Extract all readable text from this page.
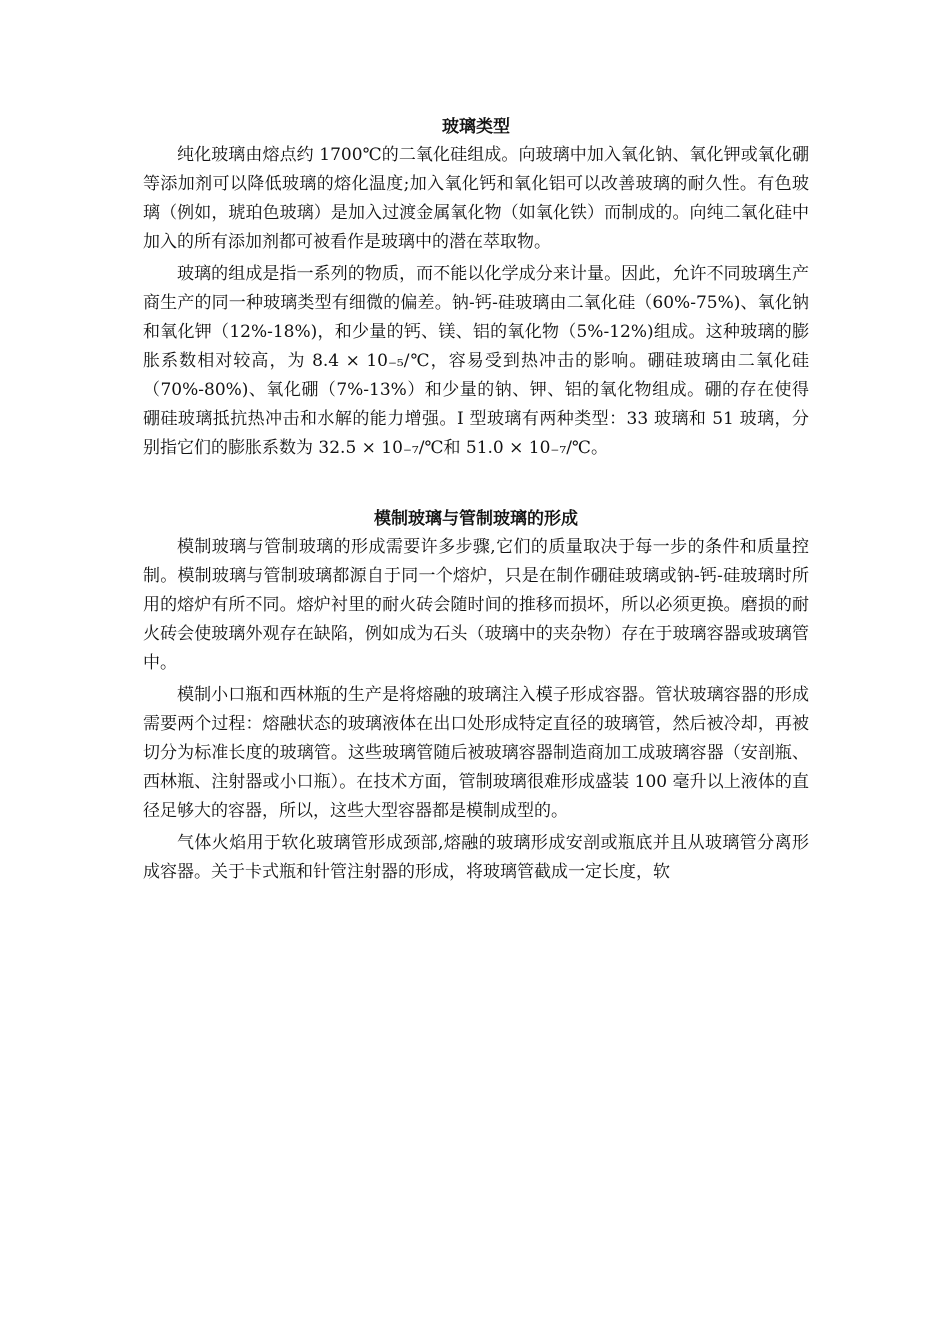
玻璃类型

纯化玻璃由熔点约 1700℃的二氧化硅组成。向玻璃中加入氧化钠、氧化钾或氧化硼等添加剂可以降低玻璃的熔化温度;加入氧化钙和氧化铝可以改善玻璃的耐久性。有色玻璃（例如，琥珀色玻璃）是加入过渡金属氧化物（如氧化铁）而制成的。向纯二氧化硅中加入的所有添加剂都可被看作是玻璃中的潜在萃取物。

玻璃的组成是指一系列的物质，而不能以化学成分来计量。因此，允许不同玻璃生产商生产的同一种玻璃类型有细微的偏差。钠-钙-硅玻璃由二氧化硅（60%-75%)、氧化钠和氧化钾（12%-18%)，和少量的钙、镁、铝的氧化物（5%-12%)组成。这种玻璃的膨胀系数相对较高，为 8.4 × 10₋₅/℃，容易受到热冲击的影响。硼硅玻璃由二氧化硅（70%-80%)、氧化硼（7%-13%）和少量的钠、钾、铝的氧化物组成。硼的存在使得硼硅玻璃抵抗热冲击和水解的能力增强。I 型玻璃有两种类型：33 玻璃和 51 玻璃，分别指它们的膨胀系数为 32.5 × 10₋₇/℃和 51.0 × 10₋₇/℃。

模制玻璃与管制玻璃的形成

模制玻璃与管制玻璃的形成需要许多步骤,它们的质量取决于每一步的条件和质量控制。模制玻璃与管制玻璃都源自于同一个熔炉，只是在制作硼硅玻璃或钠-钙-硅玻璃时所用的熔炉有所不同。熔炉衬里的耐火砖会随时间的推移而损坏，所以必须更换。磨损的耐火砖会使玻璃外观存在缺陷，例如成为石头（玻璃中的夹杂物）存在于玻璃容器或玻璃管中。

模制小口瓶和西林瓶的生产是将熔融的玻璃注入模子形成容器。管状玻璃容器的形成需要两个过程：熔融状态的玻璃液体在出口处形成特定直径的玻璃管，然后被冷却，再被切分为标准长度的玻璃管。这些玻璃管随后被玻璃容器制造商加工成玻璃容器（安剖瓶、西林瓶、注射器或小口瓶）。在技术方面，管制玻璃很难形成盛装 100 毫升以上液体的直径足够大的容器，所以，这些大型容器都是模制成型的。

气体火焰用于软化玻璃管形成颈部,熔融的玻璃形成安剖或瓶底并且从玻璃管分离形成容器。关于卡式瓶和针管注射器的形成，将玻璃管截成一定长度，软
